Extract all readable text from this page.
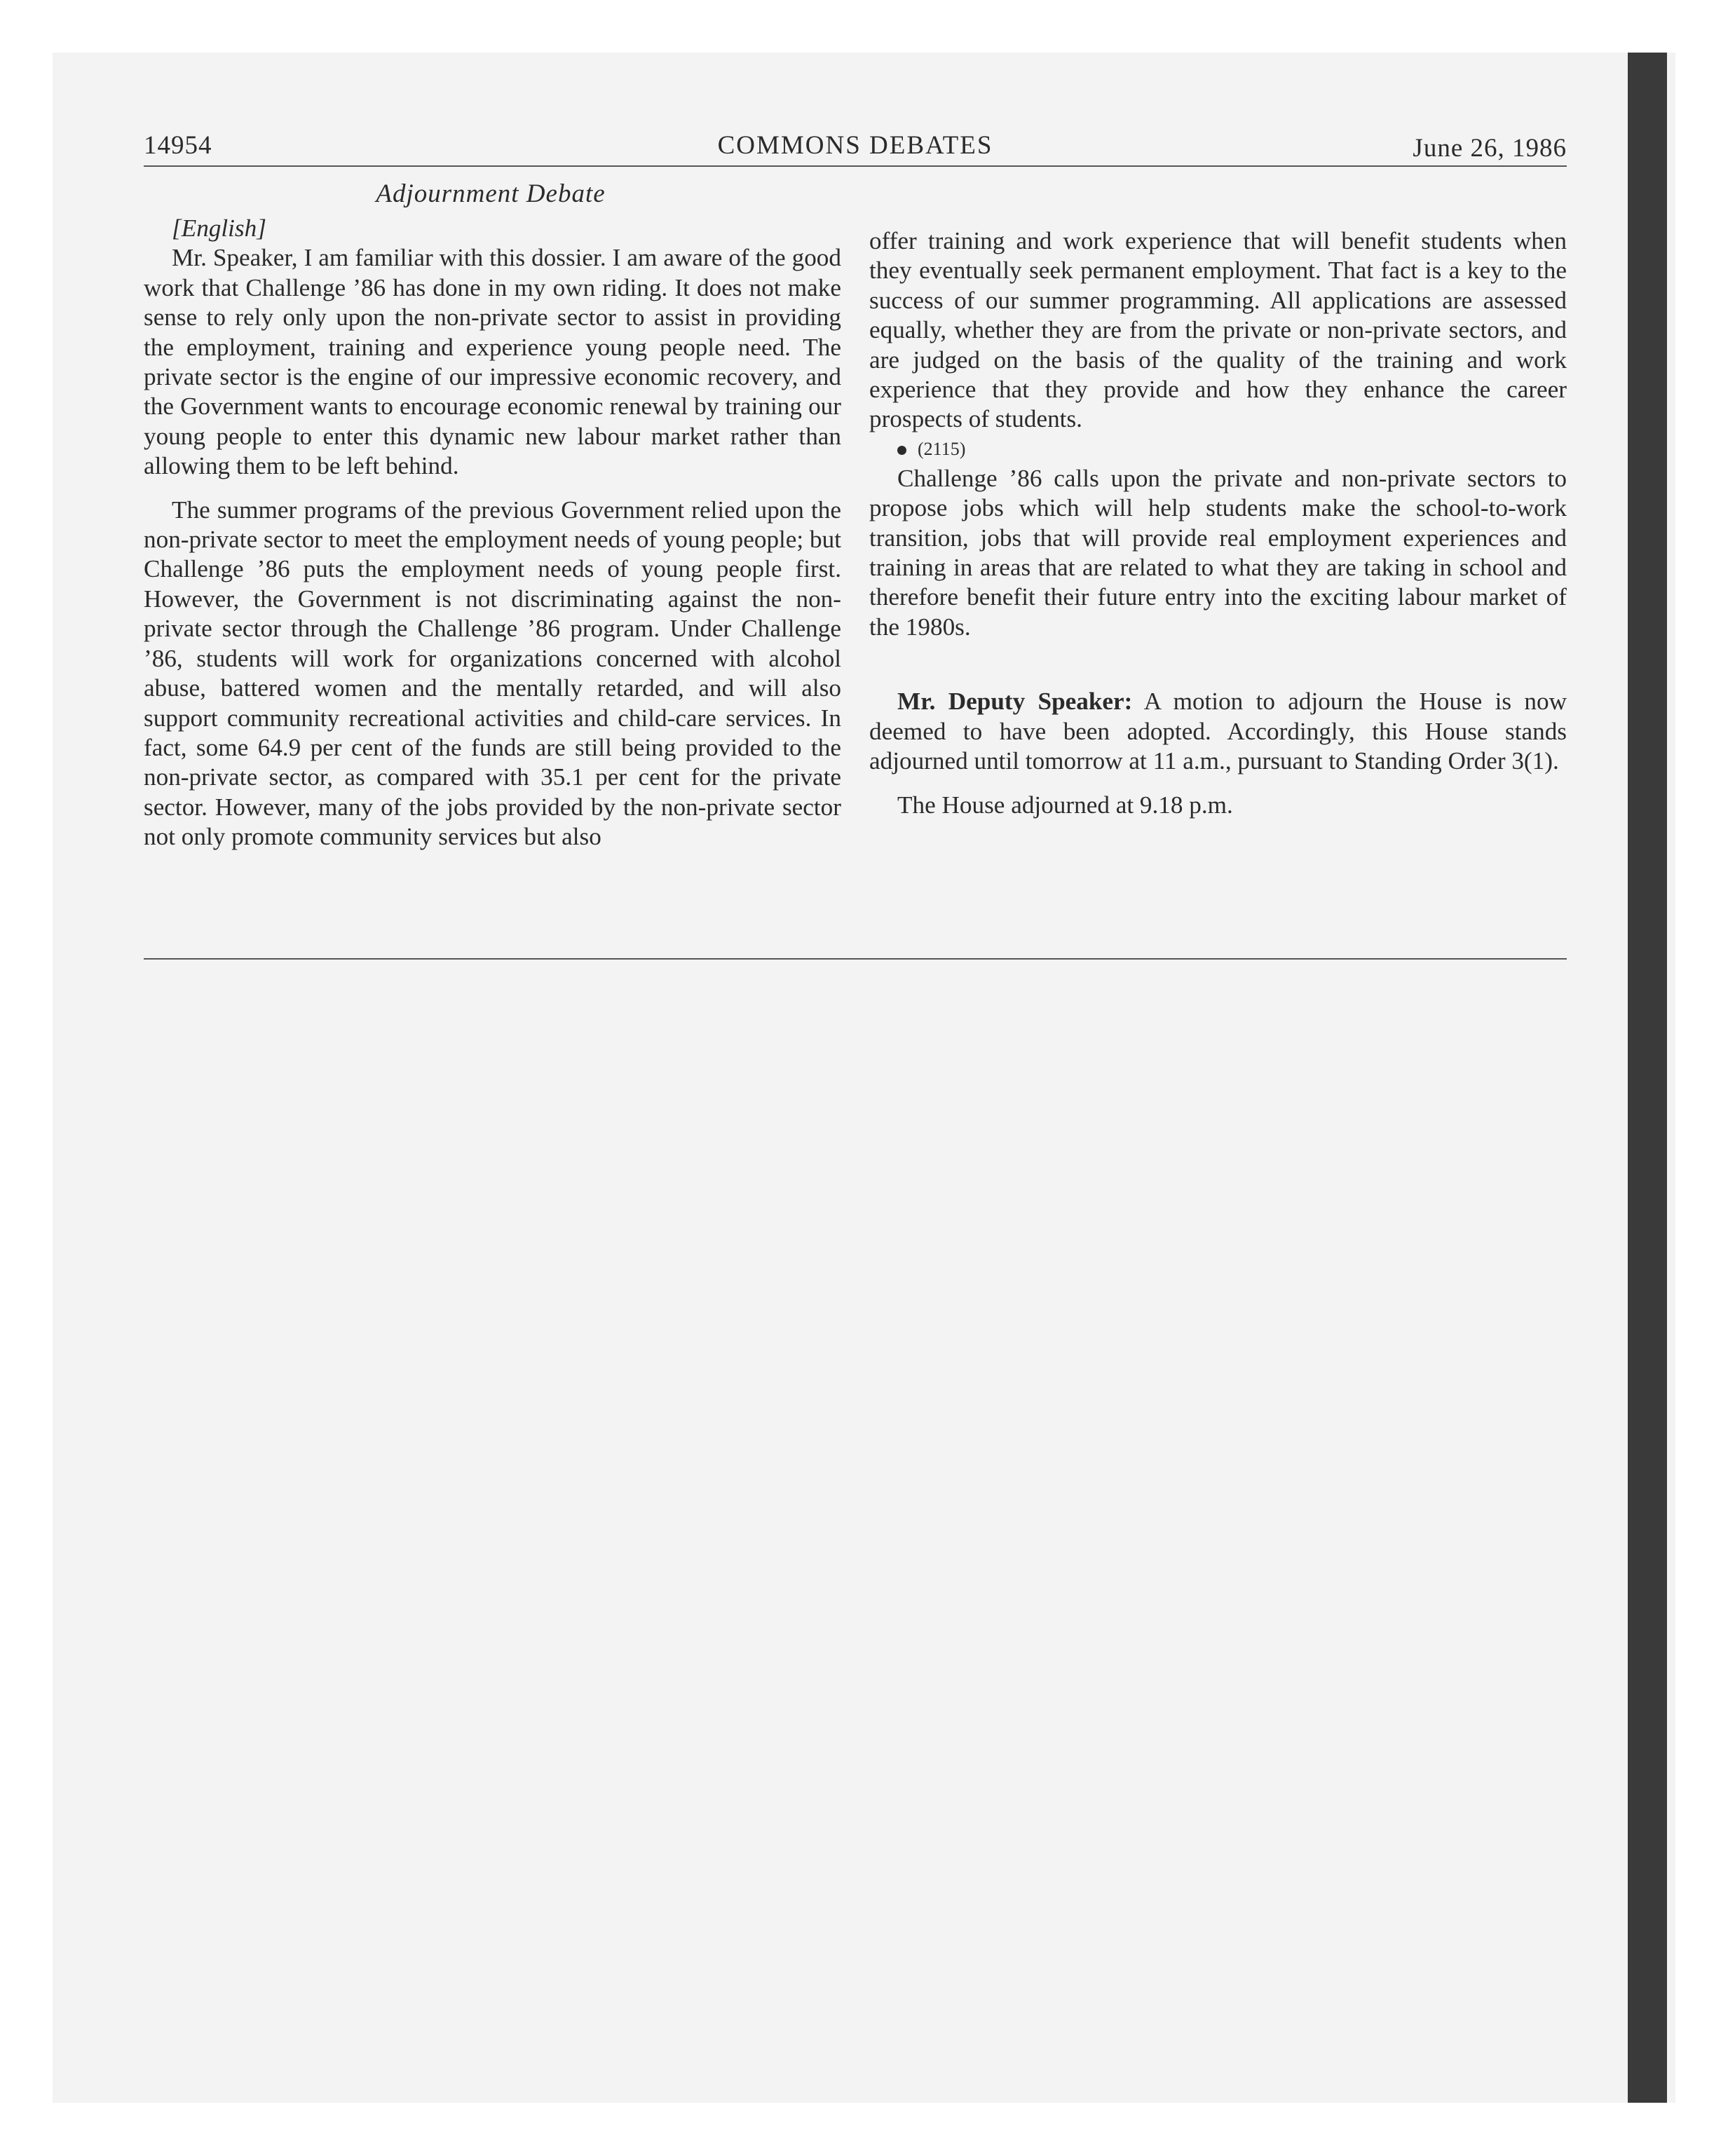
14954	COMMONS DEBATES	June 26, 1986
Adjournment Debate

[English]

Mr. Speaker, I am familiar with this dossier. I am aware of the good work that Challenge ’86 has done in my own riding. It does not make sense to rely only upon the non-private sector to assist in providing the employment, training and experience young people need. The private sector is the engine of our impressive economic recovery, and the Government wants to encourage economic renewal by training our young people to enter this dynamic new labour market rather than allowing them to be left behind.

The summer programs of the previous Government relied upon the non-private sector to meet the employment needs of young people; but Challenge ’86 puts the employment needs of young people first. However, the Government is not discriminating against the non-private sector through the Challenge ’86 program. Under Challenge ’86, students will work for organizations concerned with alcohol abuse, battered women and the mentally retarded, and will also support community recreational activities and child-care services. In fact, some 64.9 per cent of the funds are still being provided to the non-private sector, as compared with 35.1 per cent for the private sector. However, many of the jobs provided by the non-private sector not only promote community services but also

offer training and work experience that will benefit students when they eventually seek permanent employment. That fact is a key to the success of our summer programming. All applications are assessed equally, whether they are from the private or non-private sectors, and are judged on the basis of the quality of the training and work experience that they provide and how they enhance the career prospects of students.

(2115)

Challenge ’86 calls upon the private and non-private sectors to propose jobs which will help students make the school-to-work transition, jobs that will provide real employment experiences and training in areas that are related to what they are taking in school and therefore benefit their future entry into the exciting labour market of the 1980s.

Mr. Deputy Speaker: A motion to adjourn the House is now deemed to have been adopted. Accordingly, this House stands adjourned until tomorrow at 11 a.m., pursuant to Standing Order 3(1).

The House adjourned at 9.18 p.m.
